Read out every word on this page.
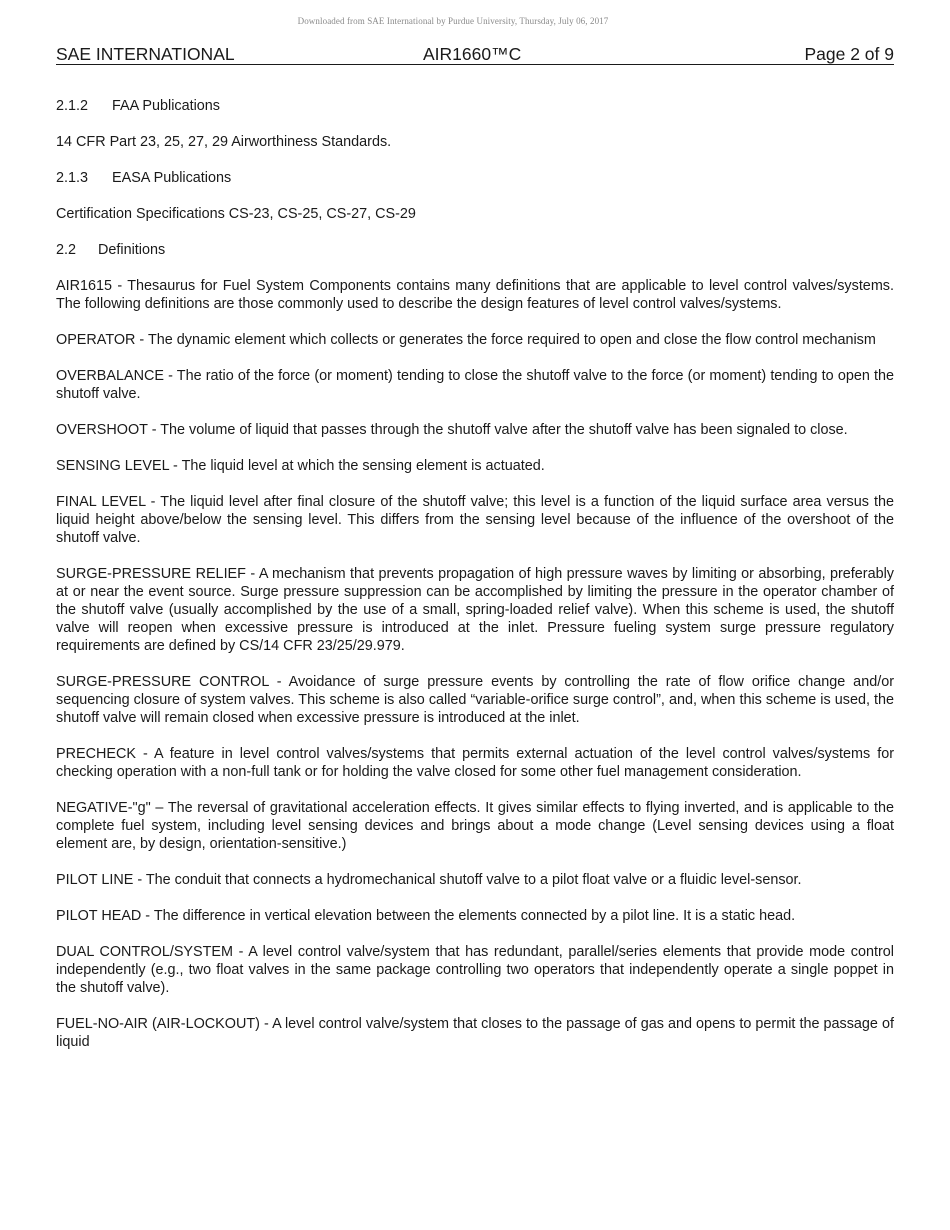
Downloaded from SAE International by Purdue University, Thursday, July 06, 2017
SAE INTERNATIONAL	AIR1660™C	Page 2 of 9

2.1.2 FAA Publications

14 CFR Part 23, 25, 27, 29 Airworthiness Standards.

2.1.3 EASA Publications

Certification Specifications CS-23, CS-25, CS-27, CS-29

2.2 Definitions

AIR1615 - Thesaurus for Fuel System Components contains many definitions that are applicable to level control valves/systems. The following definitions are those commonly used to describe the design features of level control valves/systems.

OPERATOR - The dynamic element which collects or generates the force required to open and close the flow control mechanism

OVERBALANCE - The ratio of the force (or moment) tending to close the shutoff valve to the force (or moment) tending to open the shutoff valve.

OVERSHOOT - The volume of liquid that passes through the shutoff valve after the shutoff valve has been signaled to close.

SENSING LEVEL - The liquid level at which the sensing element is actuated.

FINAL LEVEL - The liquid level after final closure of the shutoff valve; this level is a function of the liquid surface area versus the liquid height above/below the sensing level. This differs from the sensing level because of the influence of the overshoot of the shutoff valve.

SURGE-PRESSURE RELIEF - A mechanism that prevents propagation of high pressure waves by limiting or absorbing, preferably at or near the event source. Surge pressure suppression can be accomplished by limiting the pressure in the operator chamber of the shutoff valve (usually accomplished by the use of a small, spring-loaded relief valve). When this scheme is used, the shutoff valve will reopen when excessive pressure is introduced at the inlet. Pressure fueling system surge pressure regulatory requirements are defined by CS/14 CFR 23/25/29.979.

SURGE-PRESSURE CONTROL - Avoidance of surge pressure events by controlling the rate of flow orifice change and/or sequencing closure of system valves. This scheme is also called “variable-orifice surge control”, and, when this scheme is used, the shutoff valve will remain closed when excessive pressure is introduced at the inlet.

PRECHECK - A feature in level control valves/systems that permits external actuation of the level control valves/systems for checking operation with a non-full tank or for holding the valve closed for some other fuel management consideration.

NEGATIVE-"g" – The reversal of gravitational acceleration effects. It gives similar effects to flying inverted, and is applicable to the complete fuel system, including level sensing devices and brings about a mode change (Level sensing devices using a float element are, by design, orientation-sensitive.)

PILOT LINE - The conduit that connects a hydromechanical shutoff valve to a pilot float valve or a fluidic level-sensor.

PILOT HEAD - The difference in vertical elevation between the elements connected by a pilot line. It is a static head.

DUAL CONTROL/SYSTEM - A level control valve/system that has redundant, parallel/series elements that provide mode control independently (e.g., two float valves in the same package controlling two operators that independently operate a single poppet in the shutoff valve).

FUEL-NO-AIR (AIR-LOCKOUT) - A level control valve/system that closes to the passage of gas and opens to permit the passage of liquid
